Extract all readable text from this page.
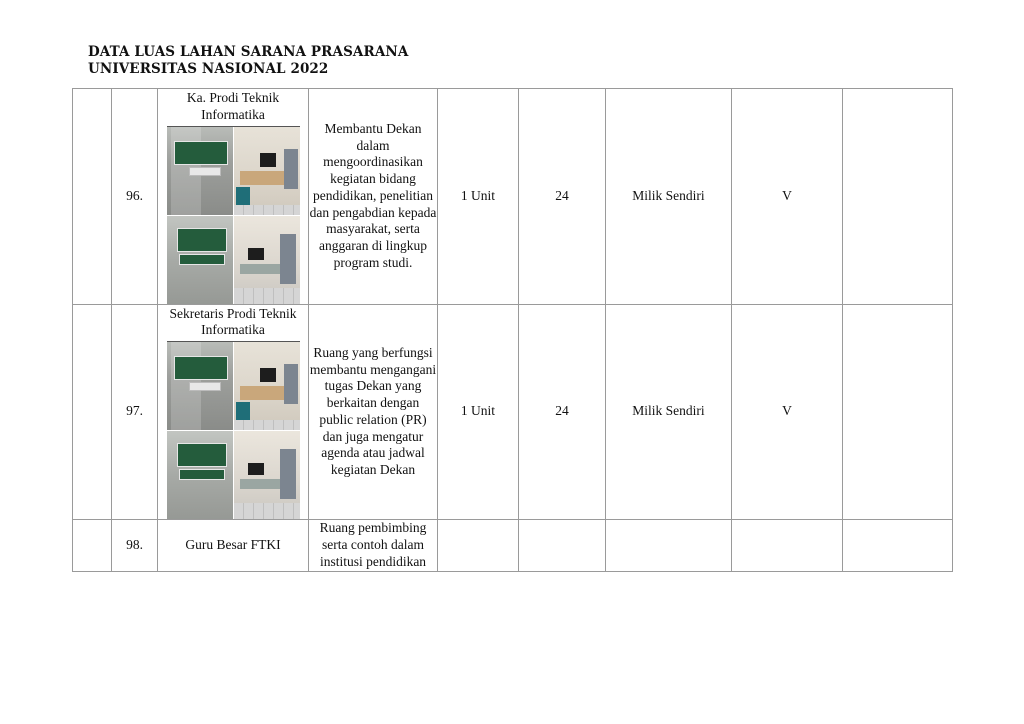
DATA LUAS LAHAN SARANA PRASARANA
UNIVERSITAS NASIONAL 2022
	96.	Ka. Prodi Teknik Informatika	Membantu Dekan dalam mengoordinasikan kegiatan bidang pendidikan, penelitian dan pengabdian kepada masyarakat, serta anggaran di lingkup program studi.	1 Unit	24	Milik Sendiri	V	
	97.	Sekretaris Prodi Teknik Informatika	Ruang yang berfungsi membantu mengangani tugas Dekan yang berkaitan dengan public relation (PR) dan juga mengatur agenda atau jadwal kegiatan Dekan	1 Unit	24	Milik Sendiri	V	
	98.	Guru Besar FTKI	Ruang pembimbing serta contoh dalam institusi pendidikan					
